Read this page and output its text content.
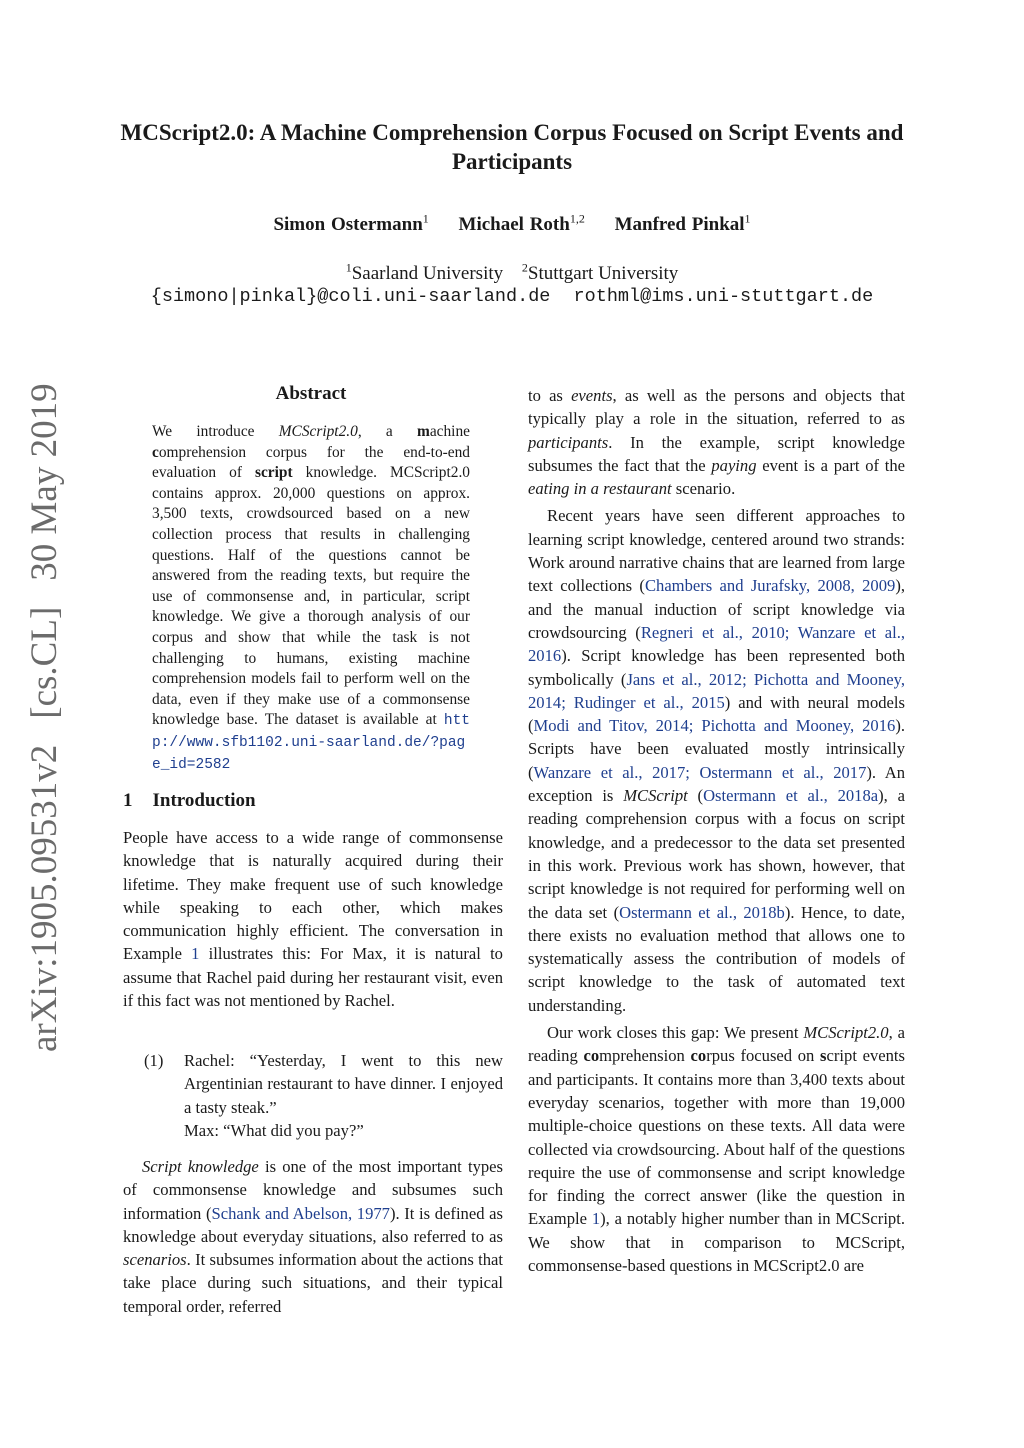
MCScript2.0: A Machine Comprehension Corpus Focused on Script Events and Participants
Simon Ostermann$^1$ Michael Roth$^{1,2}$ Manfred Pinkal$^1$
$^1$Saarland University $^2$Stuttgart University
{simono|pinkal}@coli.uni-saarland.de rothml@ims.uni-stuttgart.de
arXiv:1905.09531v2[cs.CL]30 May 2019	Abstract
We introduce MCScript2.0, a machine comprehension corpus for the end-to-end evaluation of script knowledge. MCScript2.0 contains approx. 20,000 questions on approx. 3,500 texts, crowdsourced based on a new collection process that results in challenging questions. Half of the questions cannot be answered from the reading texts, but require the use of commonsense and, in particular, script knowledge. We give a thorough analysis of our corpus and show that while the task is not challenging to humans, existing machine comprehension models fail to perform well on the data, even if they make use of a commonsense knowledge base. The dataset is available at http://www.sfb1102.uni-saarland.de/?page_id=2582
1 Introduction

People have access to a wide range of commonsense knowledge that is naturally acquired during their lifetime. They make frequent use of such knowledge while speaking to each other, which makes communication highly efficient. The conversation in Example 1 illustrates this: For Max, it is natural to assume that Rachel paid during her restaurant visit, even if this fact was not mentioned by Rachel.

(1) Rachel: “Yesterday, I went to this new Argentinian restaurant to have dinner. I enjoyed a tasty steak.”
Max: “What did you pay?”

Script knowledge is one of the most important types of commonsense knowledge and subsumes such information (Schank and Abelson, 1977). It is defined as knowledge about everyday situations, also referred to as scenarios. It subsumes information about the actions that take place during such situations, and their typical temporal order, referred

to as events, as well as the persons and objects that typically play a role in the situation, referred to as participants. In the example, script knowledge subsumes the fact that the paying event is a part of the eating in a restaurant scenario.

Recent years have seen different approaches to learning script knowledge, centered around two strands: Work around narrative chains that are learned from large text collections (Chambers and Jurafsky, 2008, 2009), and the manual induction of script knowledge via crowdsourcing (Regneri et al., 2010; Wanzare et al., 2016). Script knowledge has been represented both symbolically (Jans et al., 2012; Pichotta and Mooney, 2014; Rudinger et al., 2015) and with neural models (Modi and Titov, 2014; Pichotta and Mooney, 2016). Scripts have been evaluated mostly intrinsically (Wanzare et al., 2017; Ostermann et al., 2017). An exception is MCScript (Ostermann et al., 2018a), a reading comprehension corpus with a focus on script knowledge, and a predecessor to the data set presented in this work. Previous work has shown, however, that script knowledge is not required for performing well on the data set (Ostermann et al., 2018b). Hence, to date, there exists no evaluation method that allows one to systematically assess the contribution of models of script knowledge to the task of automated text understanding.

Our work closes this gap: We present MCScript2.0, a reading comprehension corpus focused on script events and participants. It contains more than 3,400 texts about everyday scenarios, together with more than 19,000 multiple-choice questions on these texts. All data were collected via crowdsourcing. About half of the questions require the use of commonsense and script knowledge for finding the correct answer (like the question in Example 1), a notably higher number than in MCScript. We show that in comparison to MCScript, commonsense-based questions in MCScript2.0 are
